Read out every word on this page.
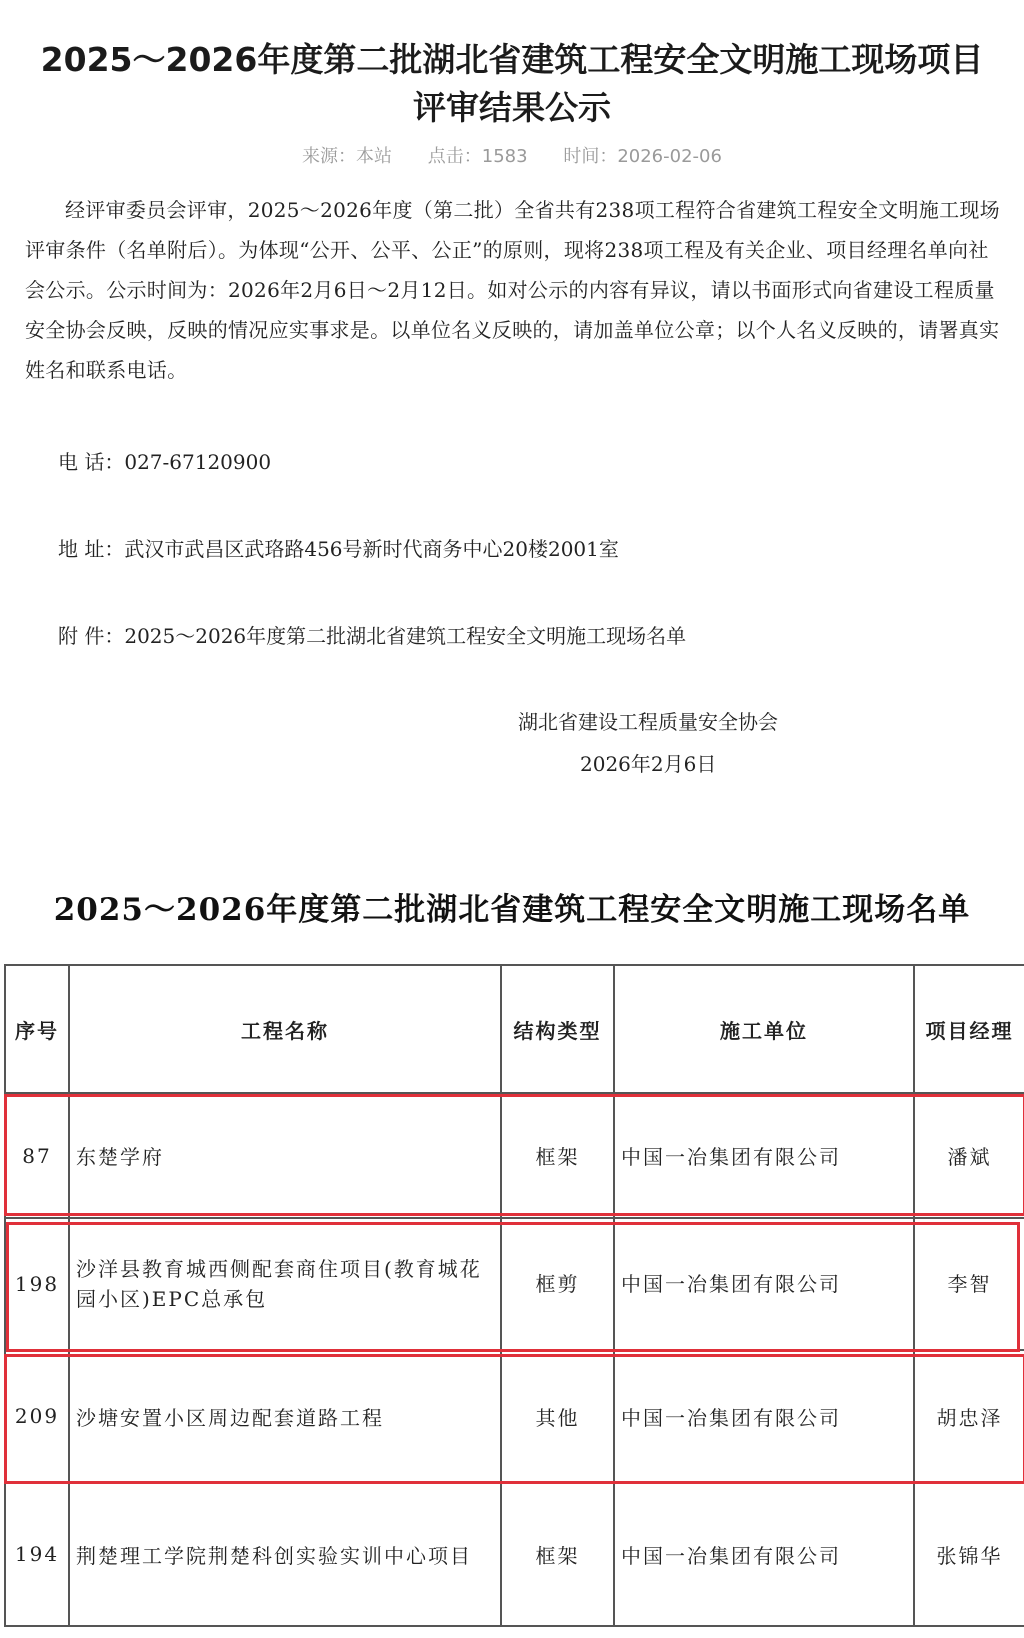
2025～2026年度第二批湖北省建筑工程安全文明施工现场项目
评审结果公示
来源：本站 点击：1583 时间：2026-02-06

经评审委员会评审，2025～2026年度（第二批）全省共有238项工程符合省建筑工程安全文明施工现场评审条件（名单附后）。为体现“公开、公平、公正”的原则，现将238项工程及有关企业、项目经理名单向社会公示。公示时间为：2026年2月6日～2月12日。如对公示的内容有异议，请以书面形式向省建设工程质量安全协会反映，反映的情况应实事求是。以单位名义反映的，请加盖单位公章；以个人名义反映的，请署真实姓名和联系电话。

电 话：027-67120900
地 址：武汉市武昌区武珞路456号新时代商务中心20楼2001室
附 件：2025～2026年度第二批湖北省建筑工程安全文明施工现场名单
湖北省建设工程质量安全协会
2026年2月6日
2025～2026年度第二批湖北省建筑工程安全文明施工现场名单
序号	工程名称	结构类型	施工单位	项目经理
87	东楚学府	框架	中国一冶集团有限公司	潘斌
198	沙洋县教育城西侧配套商住项目(教育城花园小区)EPC总承包	框剪	中国一冶集团有限公司	李智
209	沙塘安置小区周边配套道路工程	其他	中国一冶集团有限公司	胡忠泽
194	荆楚理工学院荆楚科创实验实训中心项目	框架	中国一冶集团有限公司	张锦华
